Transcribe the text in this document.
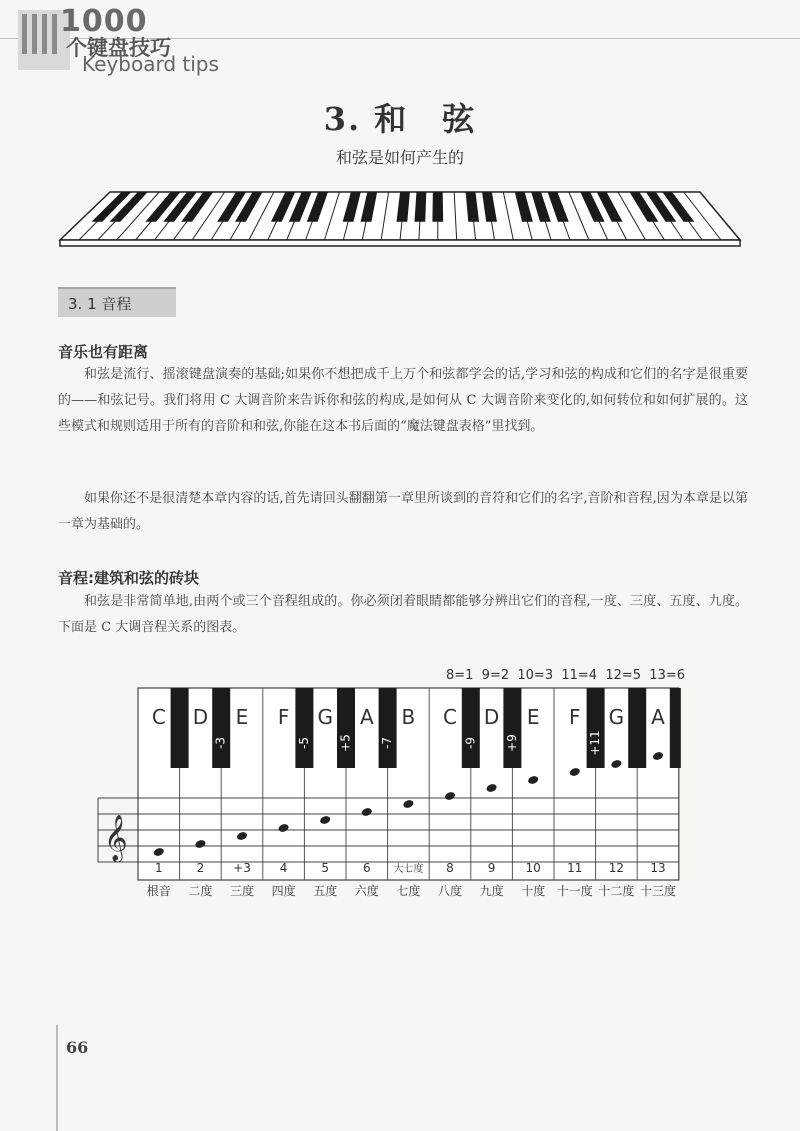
1000
个键盘技巧
Keyboard tips
3. 和　弦
和弦是如何产生的
3. 1 音程
音乐也有距离
和弦是流行、摇滚键盘演奏的基础;如果你不想把成千上万个和弦都学会的话,学习和弦的构成和它们的名字是很重要的——和弦记号。我们将用 C 大调音阶来告诉你和弦的构成,是如何从 C 大调音阶来变化的,如何转位和如何扩展的。这些模式和规则适用于所有的音阶和和弦,你能在这本书后面的“魔法键盘表格”里找到。
如果你还不是很清楚本章内容的话,首先请回头翻翻第一章里所谈到的音符和它们的名字,音阶和音程,因为本章是以第一章为基础的。
音程:建筑和弦的砖块
和弦是非常简单地,由两个或三个音程组成的。你必须闭着眼睛都能够分辨出它们的音程,一度、三度、五度、九度。下面是 C 大调音程关系的图表。
8=1  9=2  10=3  11=4  12=5  13=6
C D E F G A B C D E F G A
-3	-5 +5 -7	-9 +9	+11
𝄞
1	2 +3 4	5	6 大七度 8	9	10 11 12 13
根音 二度 三度 四度 五度 六度 七度 八度 九度 十度 十一度 十二度 十三度
66
